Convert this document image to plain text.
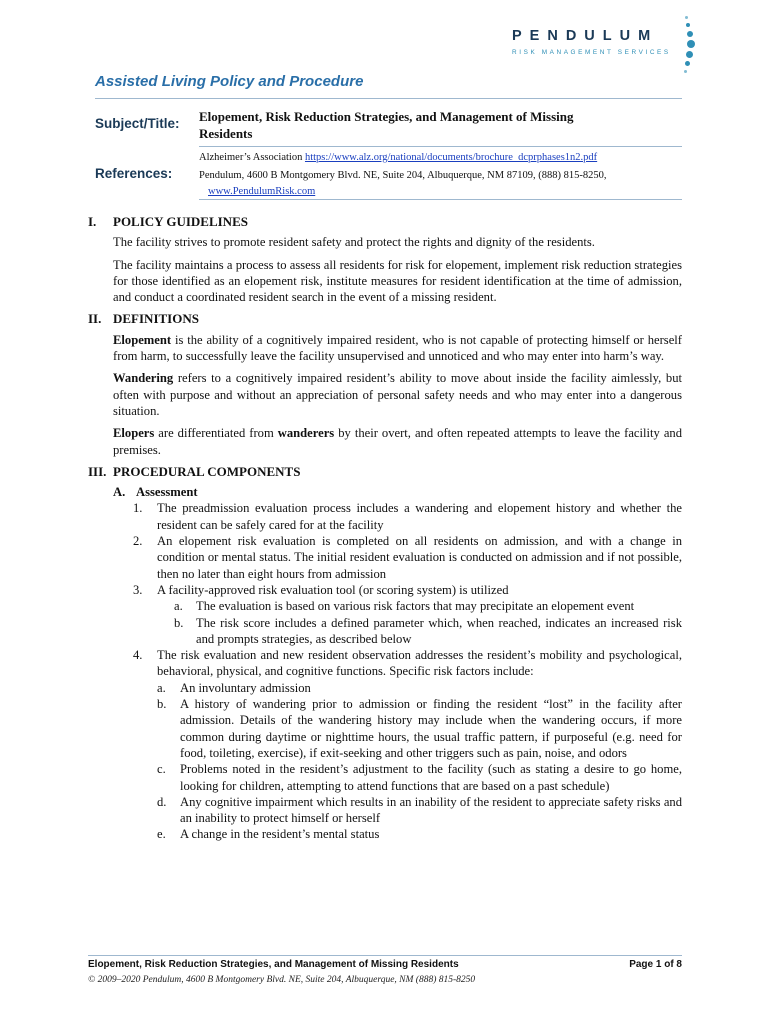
PENDULUM
RISK MANAGEMENT SERVICES
Assisted Living Policy and Procedure
Subject/Title: Elopement, Risk Reduction Strategies, and Management of Missing Residents
References:
Alzheimer’s Association https://www.alz.org/national/documents/brochure_dcprphases1n2.pdf
Pendulum, 4600 B Montgomery Blvd. NE, Suite 204, Albuquerque, NM 87109, (888) 815-8250,
www.PendulumRisk.com
I. POLICY GUIDELINES

The facility strives to promote resident safety and protect the rights and dignity of the residents.

The facility maintains a process to assess all residents for risk for elopement, implement risk reduction strategies for those identified as an elopement risk, institute measures for resident identification at the time of admission, and conduct a coordinated resident search in the event of a missing resident.

II. DEFINITIONS

Elopement is the ability of a cognitively impaired resident, who is not capable of protecting himself or herself from harm, to successfully leave the facility unsupervised and unnoticed and who may enter into harm’s way.

Wandering refers to a cognitively impaired resident’s ability to move about inside the facility aimlessly, but often with purpose and without an appreciation of personal safety needs and who may enter into a dangerous situation.

Elopers are differentiated from wanderers by their overt, and often repeated attempts to leave the facility and premises.

III. PROCEDURAL COMPONENTS
A. Assessment
1.	The preadmission evaluation process includes a wandering and elopement history and whether the resident can be safely cared for at the facility
2.	An elopement risk evaluation is completed on all residents on admission, and with a change in condition or mental status. The initial resident evaluation is conducted on admission and if not possible, then no later than eight hours from admission
3.	A facility-approved risk evaluation tool (or scoring system) is utilized
a.	The evaluation is based on various risk factors that may precipitate an elopement event
b. The risk score includes a defined parameter which, when reached, indicates an increased risk and prompts strategies, as described below
4.	The risk evaluation and new resident observation addresses the resident’s mobility and psychological, behavioral, physical, and cognitive functions. Specific risk factors include:
a.	An involuntary admission
b.	A history of wandering prior to admission or finding the resident “lost” in the facility after admission. Details of the wandering history may include when the wandering occurs, if more common during daytime or nighttime hours, the usual traffic pattern, if purposeful (e.g. need for food, toileting, exercise), if exit-seeking and other triggers such as pain, noise, and odors
c.	Problems noted in the resident’s adjustment to the facility (such as stating a desire to go home, looking for children, attempting to attend functions that are based on a past schedule)
d.	Any cognitive impairment which results in an inability of the resident to appreciate safety risks and an inability to protect himself or herself
e.	A change in the resident’s mental status
Elopement, Risk Reduction Strategies, and Management of Missing Residents	Page 1 of 8
© 2009–2020 Pendulum, 4600 B Montgomery Blvd. NE, Suite 204, Albuquerque, NM (888) 815-8250
